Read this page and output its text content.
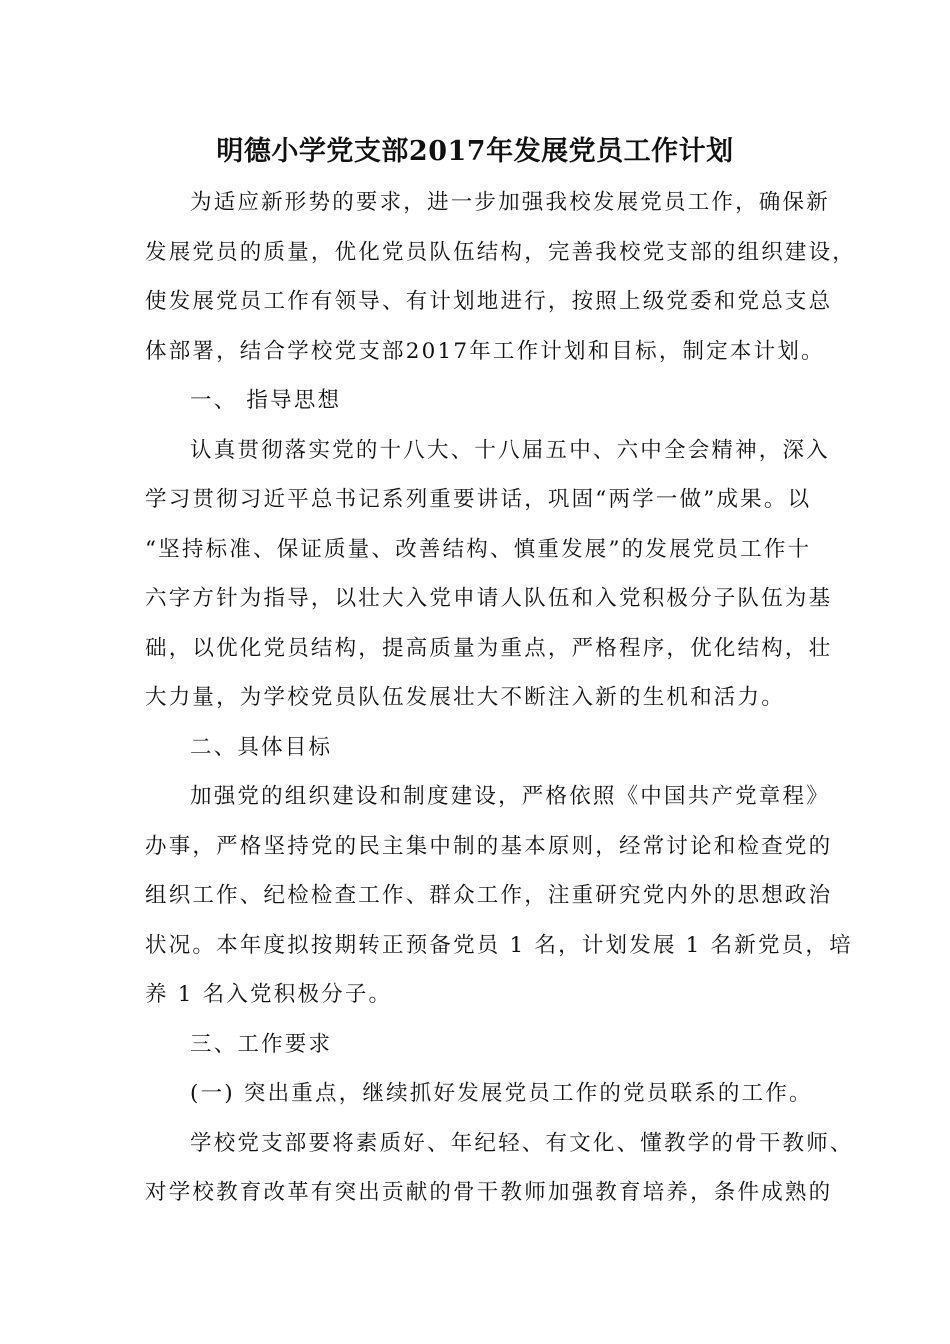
明德小学党支部2017年发展党员工作计划
为适应新形势的要求，进一步加强我校发展党员工作，确保新
发展党员的质量，优化党员队伍结构，完善我校党支部的组织建设，
使发展党员工作有领导、有计划地进行，按照上级党委和党总支总
体部署，结合学校党支部2017年工作计划和目标，制定本计划。
一、 指导思想
认真贯彻落实党的十八大、十八届五中、六中全会精神，深入
学习贯彻习近平总书记系列重要讲话，巩固“两学一做”成果。以
“坚持标准、保证质量、改善结构、慎重发展”的发展党员工作十
六字方针为指导，以壮大入党申请人队伍和入党积极分子队伍为基
础，以优化党员结构，提高质量为重点，严格程序，优化结构，壮
大力量，为学校党员队伍发展壮大不断注入新的生机和活力。
二、具体目标
加强党的组织建设和制度建设，严格依照《中国共产党章程》
办事，严格坚持党的民主集中制的基本原则，经常讨论和检查党的
组织工作、纪检检查工作、群众工作，注重研究党内外的思想政治
状况。本年度拟按期转正预备党员 1 名，计划发展 1 名新党员，培
养 1 名入党积极分子。
三、工作要求
(一) 突出重点，继续抓好发展党员工作的党员联系的工作。
学校党支部要将素质好、年纪轻、有文化、懂教学的骨干教师、
对学校教育改革有突出贡献的骨干教师加强教育培养，条件成熟的
